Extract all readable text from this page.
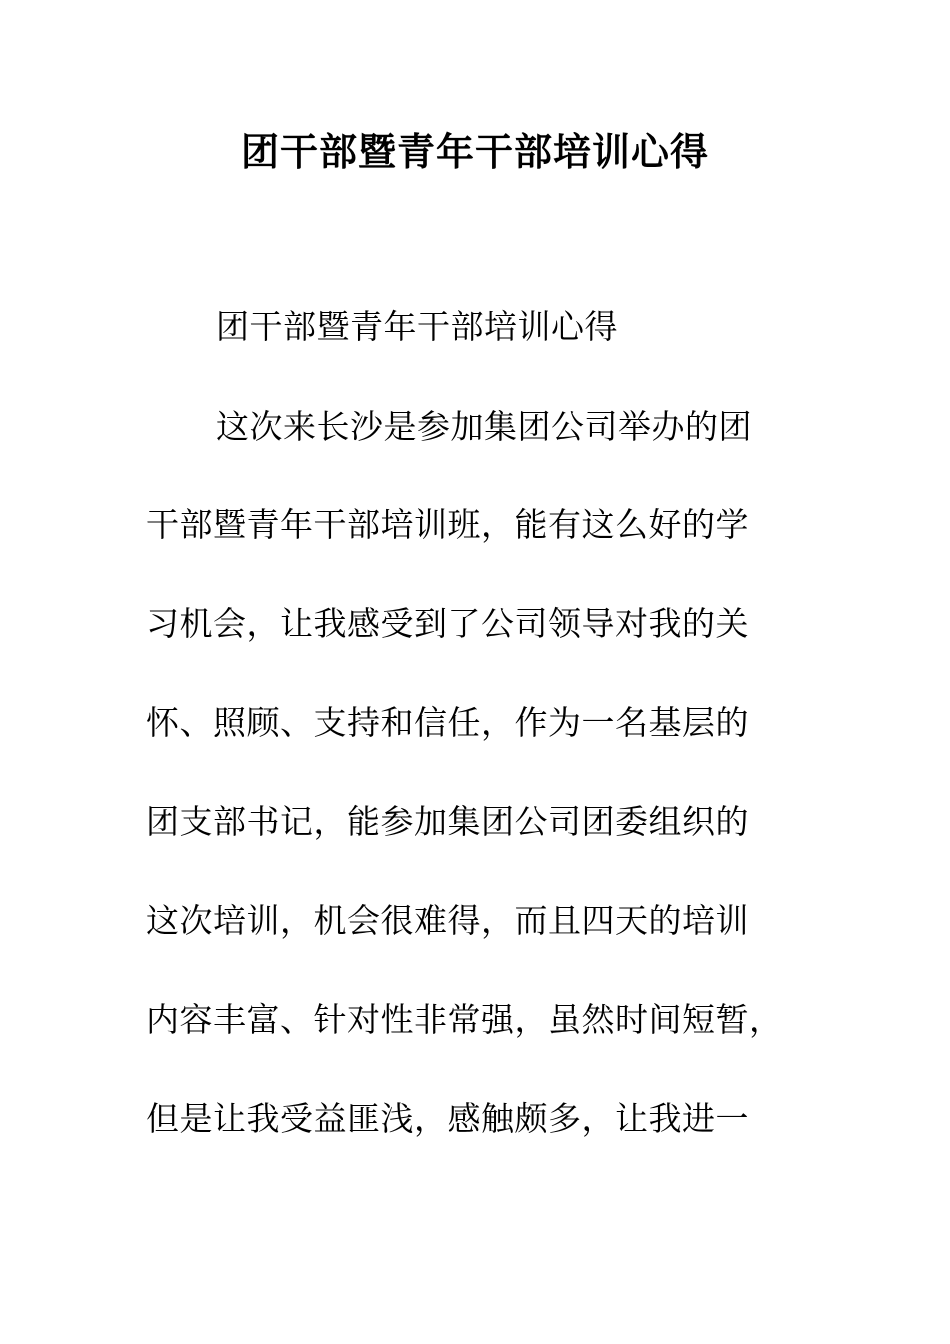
团干部暨青年干部培训心得
团干部暨青年干部培训心得
这次来长沙是参加集团公司举办的团
干部暨青年干部培训班，能有这么好的学
习机会，让我感受到了公司领导对我的关
怀、照顾、支持和信任，作为一名基层的
团支部书记，能参加集团公司团委组织的
这次培训，机会很难得，而且四天的培训
内容丰富、针对性非常强，虽然时间短暂，
但是让我受益匪浅，感触颇多，让我进一
